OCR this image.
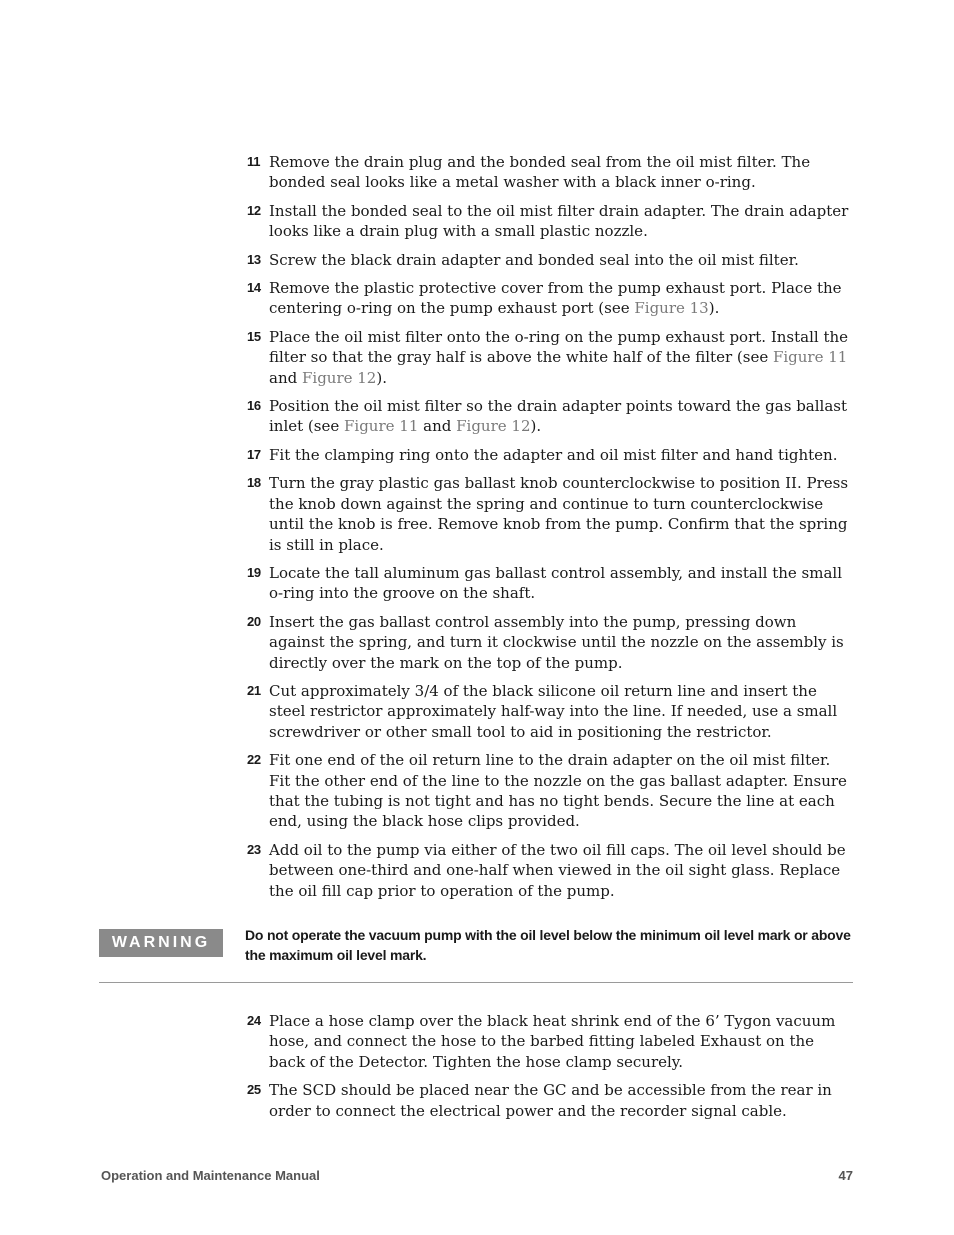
11 Remove the drain plug and the bonded seal from the oil mist filter. The bonded seal looks like a metal washer with a black inner o-ring.
12 Install the bonded seal to the oil mist filter drain adapter. The drain adapter looks like a drain plug with a small plastic nozzle.
13 Screw the black drain adapter and bonded seal into the oil mist filter.
14 Remove the plastic protective cover from the pump exhaust port. Place the centering o-ring on the pump exhaust port (see Figure 13).
15 Place the oil mist filter onto the o-ring on the pump exhaust port. Install the filter so that the gray half is above the white half of the filter (see Figure 11 and Figure 12).
16 Position the oil mist filter so the drain adapter points toward the gas ballast inlet (see Figure 11 and Figure 12).
17 Fit the clamping ring onto the adapter and oil mist filter and hand tighten.
18 Turn the gray plastic gas ballast knob counterclockwise to position II. Press the knob down against the spring and continue to turn counterclockwise until the knob is free. Remove knob from the pump. Confirm that the spring is still in place.
19 Locate the tall aluminum gas ballast control assembly, and install the small o-ring into the groove on the shaft.
20 Insert the gas ballast control assembly into the pump, pressing down against the spring, and turn it clockwise until the nozzle on the assembly is directly over the mark on the top of the pump.
21 Cut approximately 3/4 of the black silicone oil return line and insert the steel restrictor approximately half-way into the line. If needed, use a small screwdriver or other small tool to aid in positioning the restrictor.
22 Fit one end of the oil return line to the drain adapter on the oil mist filter. Fit the other end of the line to the nozzle on the gas ballast adapter. Ensure that the tubing is not tight and has no tight bends. Secure the line at each end, using the black hose clips provided.
23 Add oil to the pump via either of the two oil fill caps. The oil level should be between one-third and one-half when viewed in the oil sight glass. Replace the oil fill cap prior to operation of the pump.
WARNING	Do not operate the vacuum pump with the oil level below the minimum oil level mark or above the maximum oil level mark.
24 Place a hose clamp over the black heat shrink end of the 6’ Tygon vacuum hose, and connect the hose to the barbed fitting labeled Exhaust on the back of the Detector. Tighten the hose clamp securely.
25 The SCD should be placed near the GC and be accessible from the rear in order to connect the electrical power and the recorder signal cable.
Operation and Maintenance Manual	47
